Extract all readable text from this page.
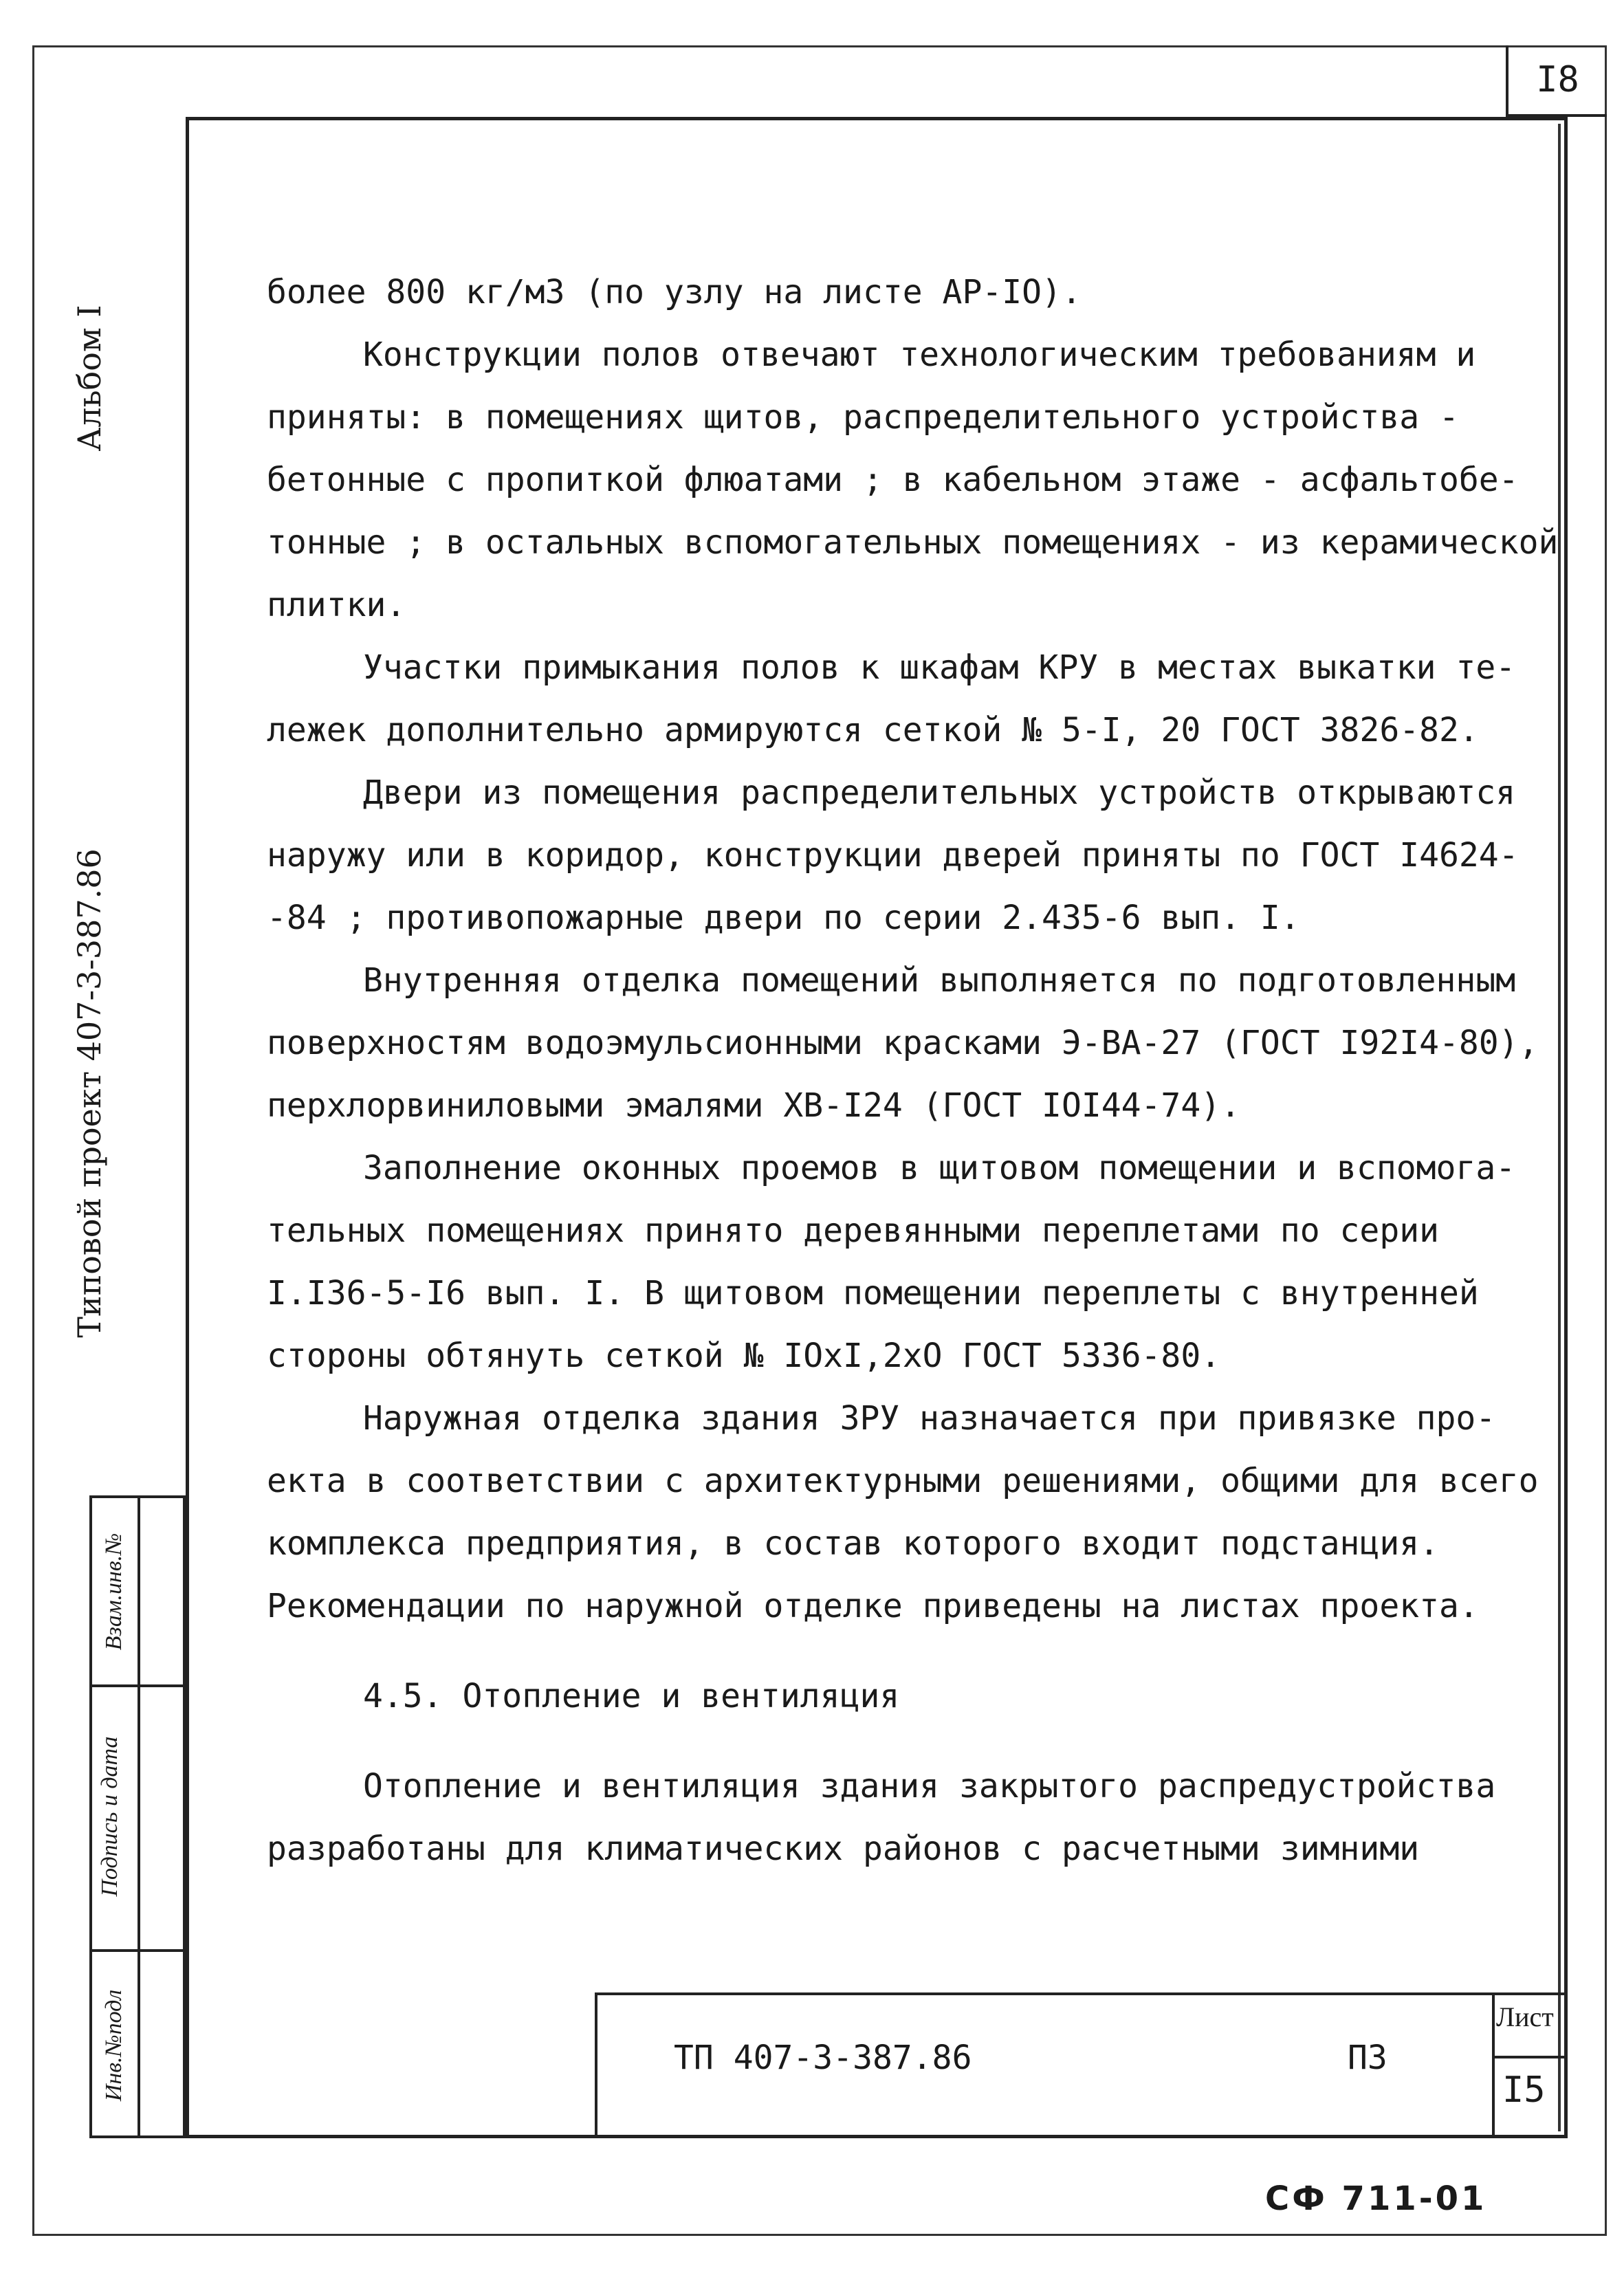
I8
Альбом I
Типовой проект 407-3-387.86
Взам.инв.№
Подпись и дата
Инв.№подл
более 800 кг/м3 (по узлу на листе АР-IO).
Конструкции полов отвечают технологическим требованиям и
приняты: в помещениях щитов, распределительного устройства -
бетонные с пропиткой флюатами ; в кабельном этаже - асфальтобе-
тонные ; в остальных вспомогательных помещениях - из керамической
плитки.
Участки примыкания полов к шкафам КРУ в местах выкатки те-
лежек дополнительно армируются сеткой № 5-I, 20 ГОСТ 3826-82.
Двери из помещения распределительных устройств открываются
наружу или в коридор, конструкции дверей приняты по ГОСТ I4624-
-84 ; противопожарные двери по серии 2.435-6 вып. I.
Внутренняя отделка помещений выполняется по подготовленным
поверхностям водоэмульсионными красками Э-ВА-27 (ГОСТ I92I4-80),
перхлорвиниловыми эмалями ХВ-I24 (ГОСТ IOI44-74).
Заполнение оконных проемов в щитовом помещении и вспомога-
тельных помещениях принято деревянными переплетами по серии
I.I36-5-I6 вып. I. В щитовом помещении переплеты с внутренней
стороны обтянуть сеткой № IOxI,2xO ГОСТ 5336-80.
Наружная отделка здания ЗРУ назначается при привязке про-
екта в соответствии с архитектурными решениями, общими для всего
комплекса предприятия, в состав которого входит подстанция.
Рекомендации по наружной отделке приведены на листах проекта.
4.5. Отопление и вентиляция
Отопление и вентиляция здания закрытого распредустройства
разработаны для климатических районов с расчетными зимними
ТП 407-3-387.86	ПЗ
Лист
I5
СФ 711-01
